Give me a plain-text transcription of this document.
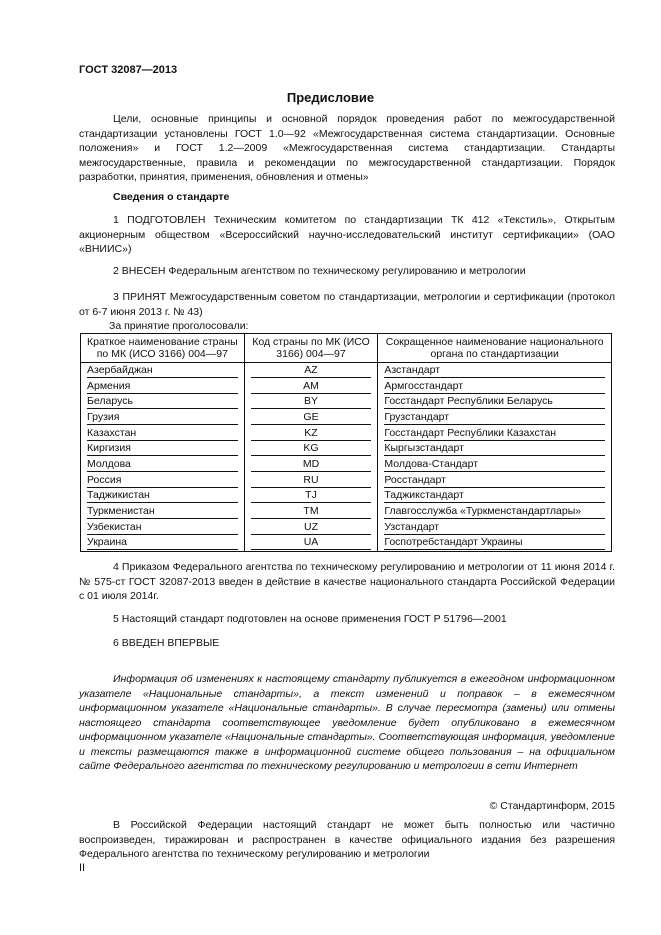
ГОСТ 32087—2013
Предисловие
Цели, основные принципы и основной порядок проведения работ по межгосударственной стандартизации установлены ГОСТ 1.0—92 «Межгосударственная система стандартизации. Основные положения» и ГОСТ 1.2—2009 «Межгосударственная система стандартизации. Стандарты межгосударственные, правила и рекомендации по межгосударственной стандартизации. Порядок разработки, принятия, применения, обновления и отмены»
Сведения о стандарте
1 ПОДГОТОВЛЕН Техническим комитетом по стандартизации ТК 412 «Текстиль», Открытым акционерным обществом «Всероссийский научно-исследовательский институт сертификации» (ОАО «ВНИИС»)
2 ВНЕСЕН Федеральным агентством по техническому регулированию и метрологии
3 ПРИНЯТ Межгосударственным советом по стандартизации, метрологии и сертификации (протокол от 6-7 июня 2013 г. № 43)
За принятие проголосовали:
Краткое наименование страны по МК (ИСО 3166) 004—97	Код страны по МК (ИСО 3166) 004—97	Сокращенное наименование национального органа по стандартизации

Азербайджан	AZ	Азстандарт

Армения	AM	Армгосстандарт

Беларусь	BY	Госстандарт Республики Беларусь

Грузия	GE	Грузстандарт

Казахстан	KZ	Госстандарт Республики Казахстан

Киргизия	KG	Кыргызстандарт

Молдова	MD	Молдова-Стандарт

Россия	RU	Росстандарт

Таджикистан	TJ	Таджикстандарт

Туркменистан	TM	Главгосслужба «Туркменстандартлары»

Узбекистан	UZ	Узстандарт

Украина	UA	Госпотребстандарт Украины
4 Приказом Федерального агентства по техническому регулированию и метрологии от 11 июня 2014 г. № 575-ст ГОСТ 32087-2013 введен в действие в качестве национального стандарта Российской Федерации с 01 июля 2014г.
5 Настоящий стандарт подготовлен на основе применения ГОСТ Р 51796—2001
6 ВВЕДЕН ВПЕРВЫЕ
Информация об изменениях к настоящему стандарту публикуется в ежегодном информационном указателе «Национальные стандарты», а текст изменений и поправок – в ежемесячном информационном указателе «Национальные стандарты». В случае пересмотра (замены) или отмены настоящего стандарта соответствующее уведомление будет опубликовано в ежемесячном информационном указателе «Национальные стандарты». Соответствующая информация, уведомление и тексты размещаются также в информационной системе общего пользования – на официальном сайте Федерального агентства по техническому регулированию и метрологии в сети Интернет
© Стандартинформ, 2015
В Российской Федерации настоящий стандарт не может быть полностью или частично воспроизведен, тиражирован и распространен в качестве официального издания без разрешения Федерального агентства по техническому регулированию и метрологии
II
